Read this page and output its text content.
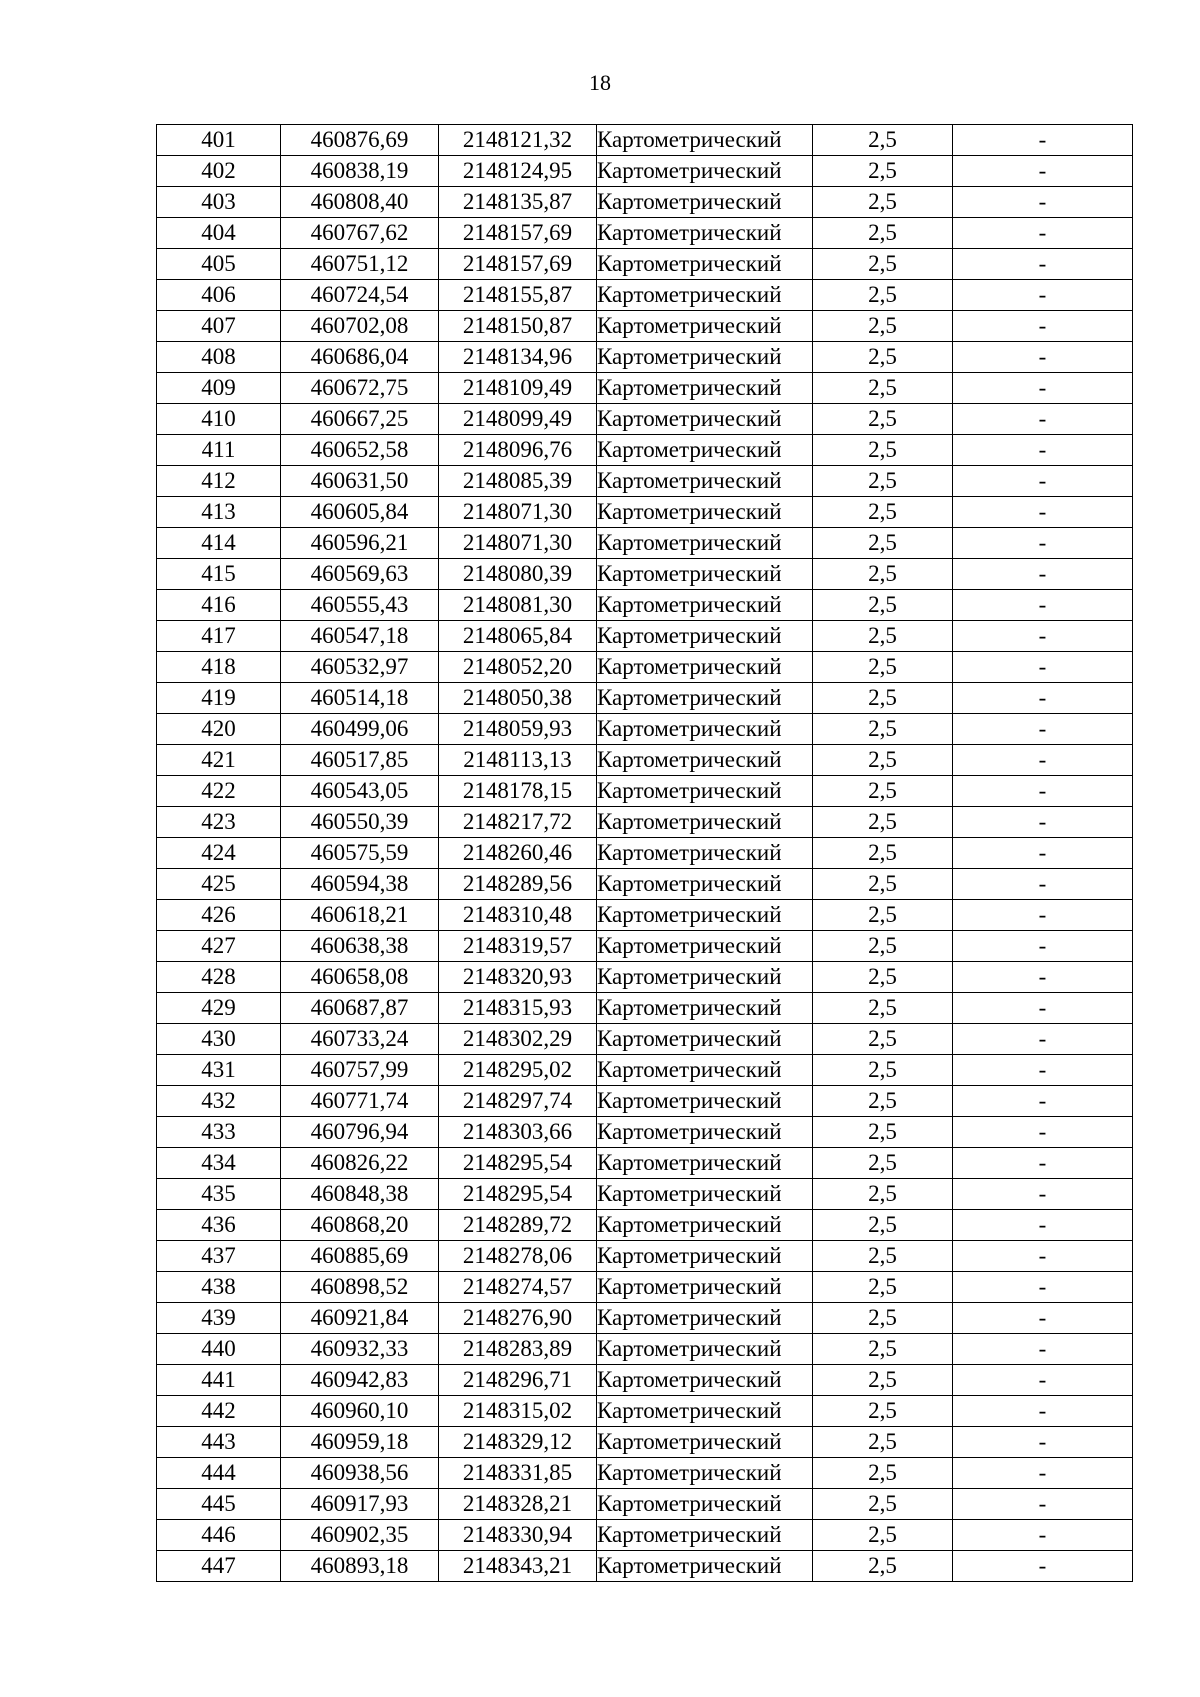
18
401	460876,69	2148121,32	Картометрический	2,5	-
402	460838,19	2148124,95	Картометрический	2,5	-
403	460808,40	2148135,87	Картометрический	2,5	-
404	460767,62	2148157,69	Картометрический	2,5	-
405	460751,12	2148157,69	Картометрический	2,5	-
406	460724,54	2148155,87	Картометрический	2,5	-
407	460702,08	2148150,87	Картометрический	2,5	-
408	460686,04	2148134,96	Картометрический	2,5	-
409	460672,75	2148109,49	Картометрический	2,5	-
410	460667,25	2148099,49	Картометрический	2,5	-
411	460652,58	2148096,76	Картометрический	2,5	-
412	460631,50	2148085,39	Картометрический	2,5	-
413	460605,84	2148071,30	Картометрический	2,5	-
414	460596,21	2148071,30	Картометрический	2,5	-
415	460569,63	2148080,39	Картометрический	2,5	-
416	460555,43	2148081,30	Картометрический	2,5	-
417	460547,18	2148065,84	Картометрический	2,5	-
418	460532,97	2148052,20	Картометрический	2,5	-
419	460514,18	2148050,38	Картометрический	2,5	-
420	460499,06	2148059,93	Картометрический	2,5	-
421	460517,85	2148113,13	Картометрический	2,5	-
422	460543,05	2148178,15	Картометрический	2,5	-
423	460550,39	2148217,72	Картометрический	2,5	-
424	460575,59	2148260,46	Картометрический	2,5	-
425	460594,38	2148289,56	Картометрический	2,5	-
426	460618,21	2148310,48	Картометрический	2,5	-
427	460638,38	2148319,57	Картометрический	2,5	-
428	460658,08	2148320,93	Картометрический	2,5	-
429	460687,87	2148315,93	Картометрический	2,5	-
430	460733,24	2148302,29	Картометрический	2,5	-
431	460757,99	2148295,02	Картометрический	2,5	-
432	460771,74	2148297,74	Картометрический	2,5	-
433	460796,94	2148303,66	Картометрический	2,5	-
434	460826,22	2148295,54	Картометрический	2,5	-
435	460848,38	2148295,54	Картометрический	2,5	-
436	460868,20	2148289,72	Картометрический	2,5	-
437	460885,69	2148278,06	Картометрический	2,5	-
438	460898,52	2148274,57	Картометрический	2,5	-
439	460921,84	2148276,90	Картометрический	2,5	-
440	460932,33	2148283,89	Картометрический	2,5	-
441	460942,83	2148296,71	Картометрический	2,5	-
442	460960,10	2148315,02	Картометрический	2,5	-
443	460959,18	2148329,12	Картометрический	2,5	-
444	460938,56	2148331,85	Картометрический	2,5	-
445	460917,93	2148328,21	Картометрический	2,5	-
446	460902,35	2148330,94	Картометрический	2,5	-
447	460893,18	2148343,21	Картометрический	2,5	-
